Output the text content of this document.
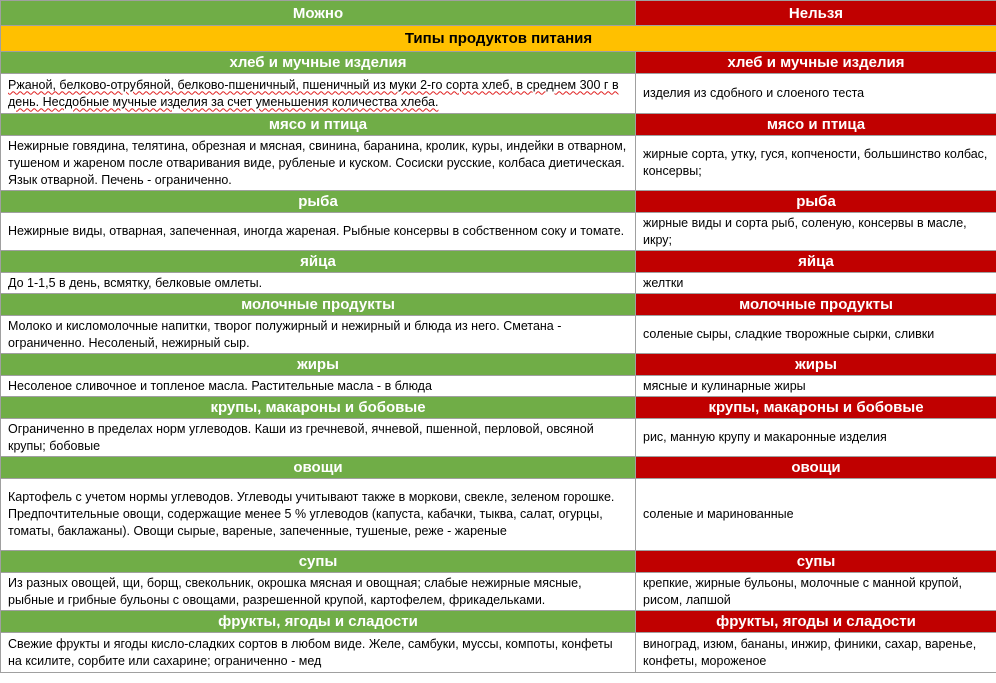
Можно	Нельзя
Типы продуктов питания	
хлеб и мучные изделия	хлеб и мучные изделия
Ржаной, белково-отрубяной, белково-пшеничный, пшеничный из муки 2-го сорта хлеб, в среднем 300 г в день. Несдобные мучные изделия за счет уменьшения количества хлеба.	изделия из сдобного и слоеного теста
мясо и птица	мясо и птица
Нежирные говядина, телятина, обрезная и мясная, свинина, баранина, кролик, куры, индейки в отварном, тушеном и жареном после отваривания виде, рубленые и куском. Сосиски русские, колбаса диетическая. Язык отварной. Печень - ограниченно.	жирные сорта, утку, гуся, копчености, большинство колбас, консервы;
рыба	рыба
Нежирные виды, отварная, запеченная, иногда жареная. Рыбные консервы в собственном соку и томате.	жирные виды и сорта рыб, соленую, консервы в масле, икру;
яйца	яйца
До 1-1,5 в день, всмятку, белковые омлеты.	желтки
молочные продукты	молочные продукты
Молоко и кисломолочные напитки, творог полужирный и нежирный и блюда из него. Сметана - ограниченно. Несоленый, нежирный сыр.	соленые сыры, сладкие творожные сырки, сливки
жиры	жиры
Несоленое сливочное и топленое масла. Растительные масла - в блюда	мясные и кулинарные жиры
крупы, макароны и бобовые	крупы, макароны и бобовые
Ограниченно в пределах норм углеводов. Каши из гречневой, ячневой, пшенной, перловой, овсяной крупы; бобовые	рис, манную крупу и макаронные изделия
овощи	овощи
Картофель с учетом нормы углеводов. Углеводы учитывают также в моркови, свекле, зеленом горошке. Предпочтительные овощи, содержащие менее 5 % углеводов (капуста, кабачки, тыква, салат, огурцы, томаты, баклажаны). Овощи сырые, вареные, запеченные, тушеные, реже - жареные	соленые и маринованные
супы	супы
Из разных овощей, щи, борщ, свекольник, окрошка мясная и овощная; слабые нежирные мясные, рыбные и грибные бульоны с овощами, разрешенной крупой, картофелем, фрикадельками.	крепкие, жирные бульоны, молочные с манной крупой, рисом, лапшой
фрукты, ягоды и сладости	фрукты, ягоды и сладости
Свежие фрукты и ягоды кисло-сладких сортов в любом виде. Желе, самбуки, муссы, компоты, конфеты на ксилите, сорбите или сахарине; ограниченно - мед	виноград, изюм, бананы, инжир, финики, сахар, варенье, конфеты, мороженое
